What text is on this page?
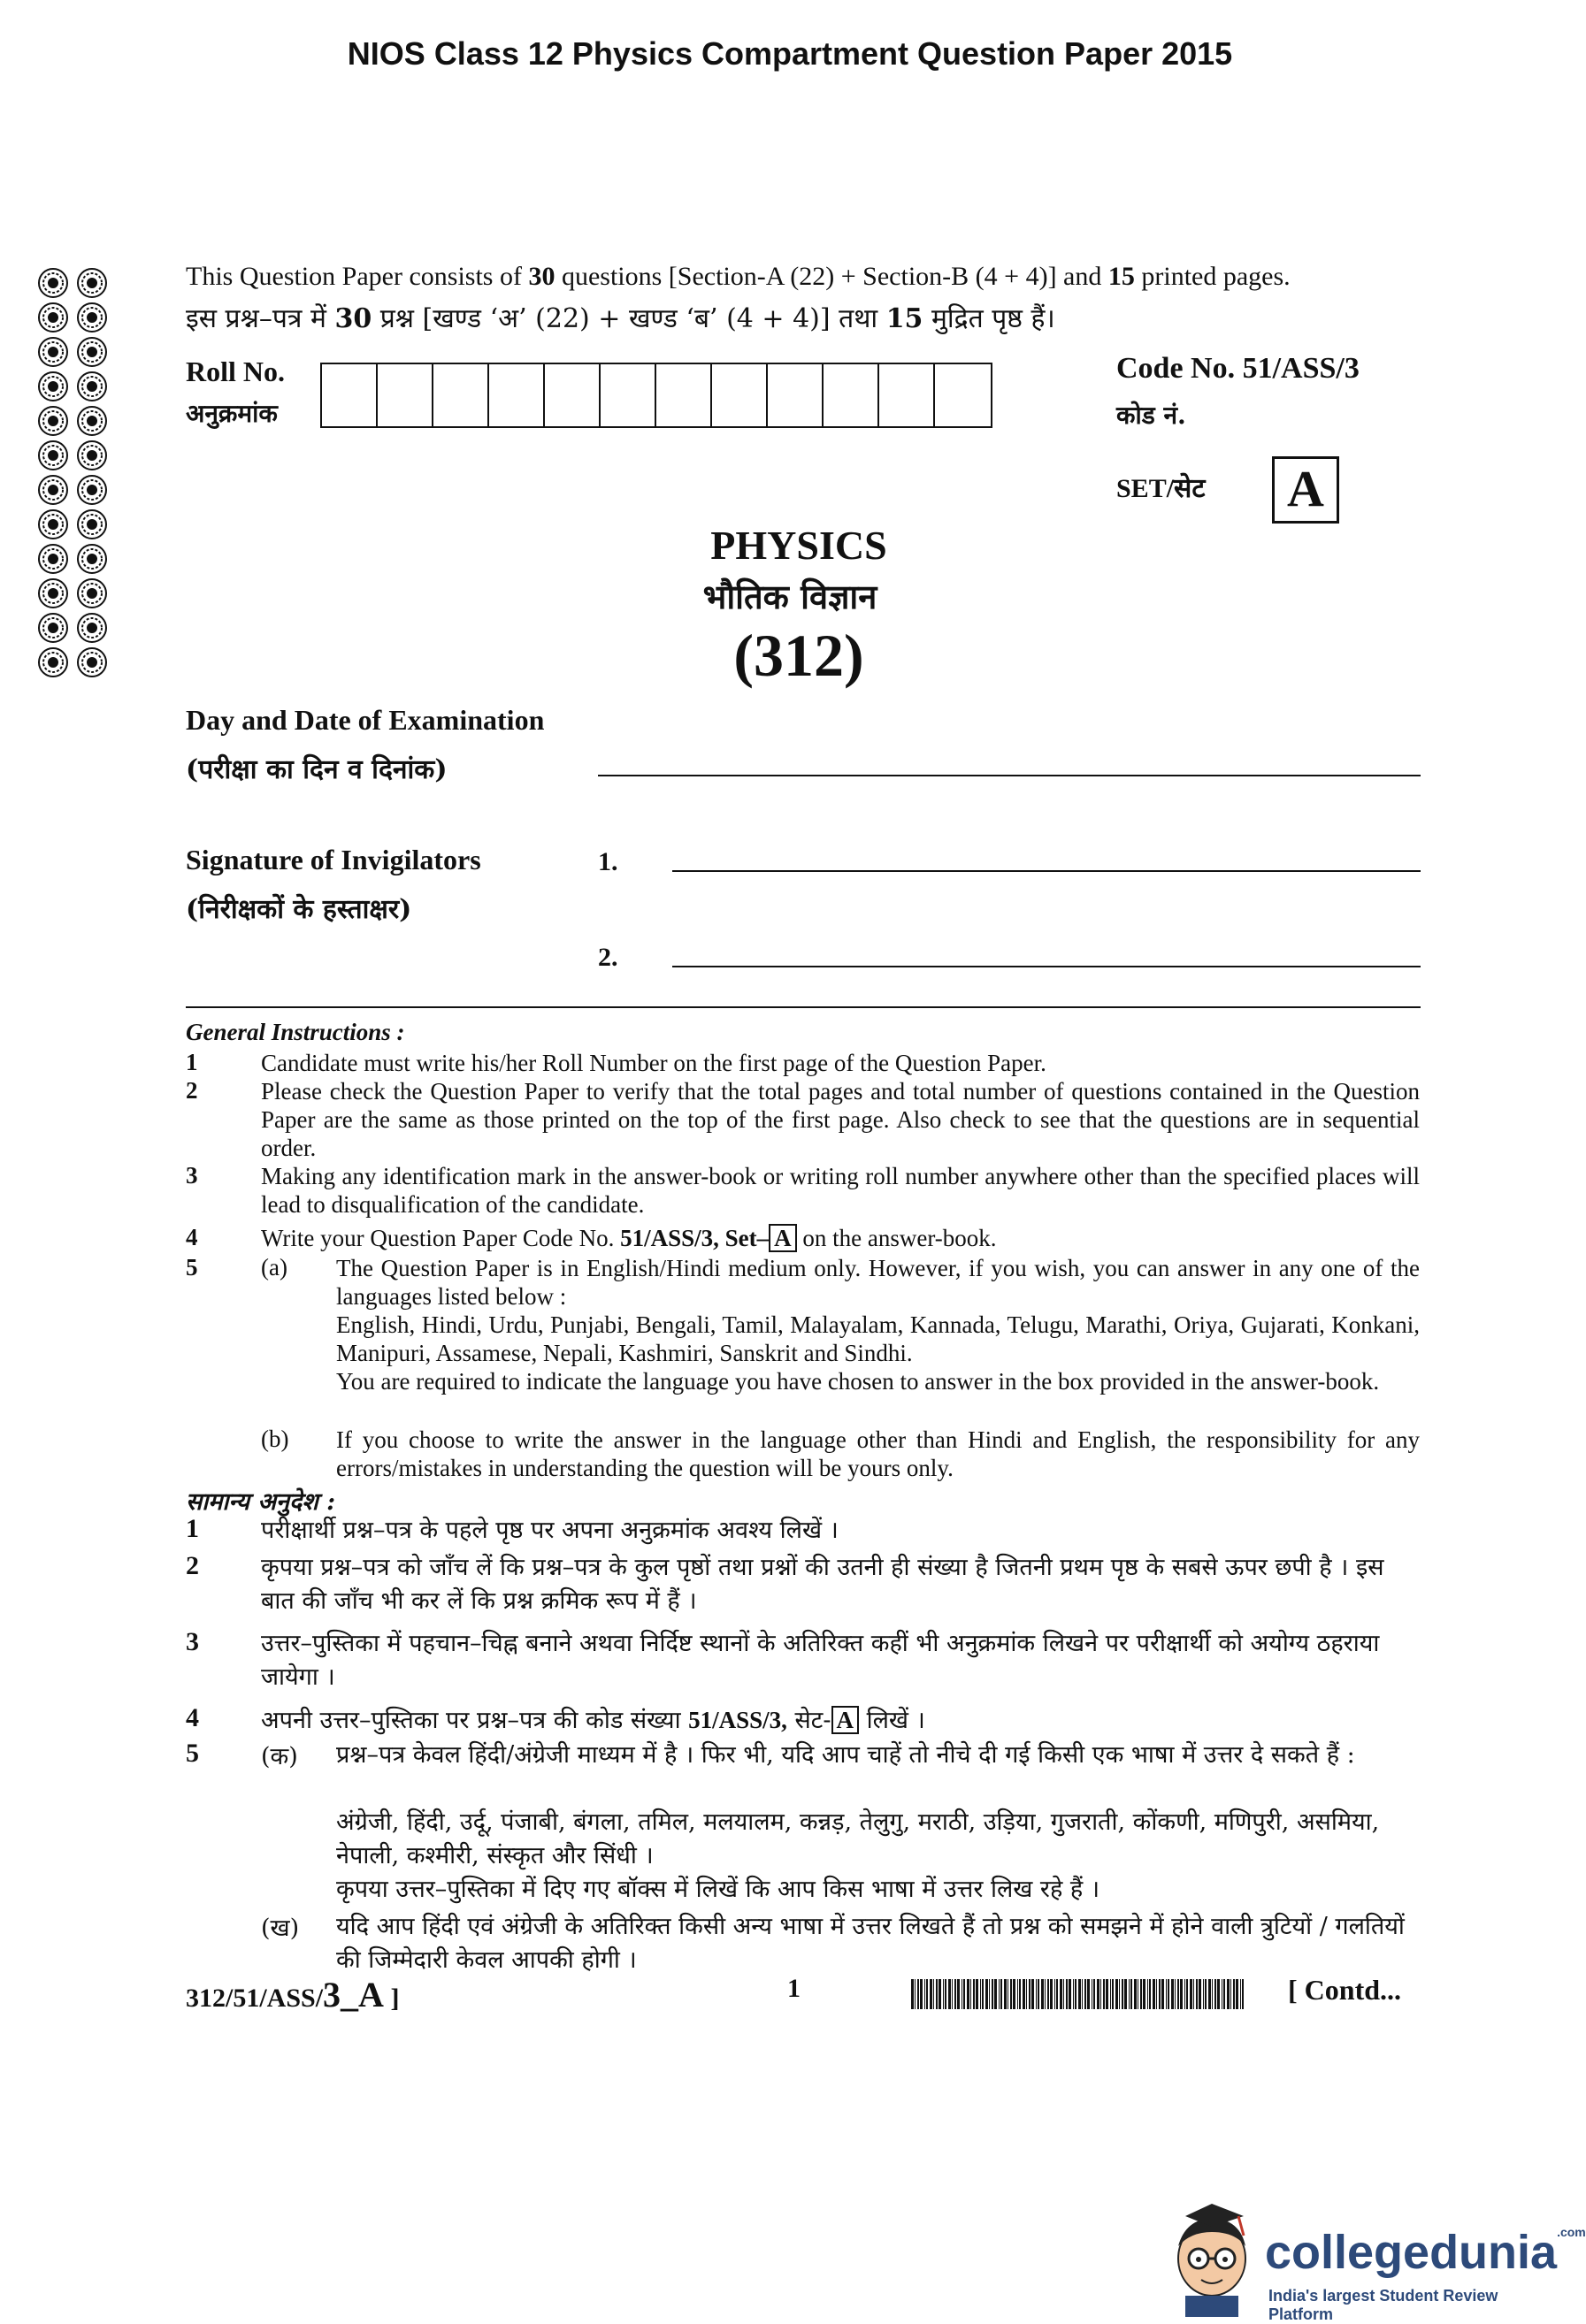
NIOS Class 12 Physics Compartment Question Paper 2015
This Question Paper consists of 30 questions [Section-A (22) + Section-B (4 + 4)] and 15 printed pages.
इस प्रश्न–पत्र में 30 प्रश्न [खण्ड ‘अ’ (22) + खण्ड ‘ब’ (4 + 4)] तथा 15 मुद्रित पृष्ठ हैं।
Roll No.
अनुक्रमांक
Code No. 51/ASS/3
कोड नं.
SET/सेट A
PHYSICS
भौतिक विज्ञान
(312)
Day and Date of Examination
(परीक्षा का दिन व दिनांक)
Signature of Invigilators
(निरीक्षकों के हस्ताक्षर)
1.
2.
General Instructions :
1	Candidate must write his/her Roll Number on the first page of the Question Paper.
2	Please check the Question Paper to verify that the total pages and total number of questions contained in the Question Paper are the same as those printed on the top of the first page. Also check to see that the questions are in sequential order.
3	Making any identification mark in the answer-book or writing roll number anywhere other than the specified places will lead to disqualification of the candidate.
4	Write your Question Paper Code No. 51/ASS/3, Set– A on the answer-book.
5	(a) The Question Paper is in English/Hindi medium only. However, if you wish, you can answer in any one of the languages listed below :
English, Hindi, Urdu, Punjabi, Bengali, Tamil, Malayalam, Kannada, Telugu, Marathi, Oriya, Gujarati, Konkani, Manipuri, Assamese, Nepali, Kashmiri, Sanskrit and Sindhi.
You are required to indicate the language you have chosen to answer in the box provided in the answer-book.
(b) If you choose to write the answer in the language other than Hindi and English, the responsibility for any errors/mistakes in understanding the question will be yours only.
सामान्य अनुदेश :
1	परीक्षार्थी प्रश्न–पत्र के पहले पृष्ठ पर अपना अनुक्रमांक अवश्य लिखें ।
2	कृपया प्रश्न–पत्र को जाँच लें कि प्रश्न–पत्र के कुल पृष्ठों तथा प्रश्नों की उतनी ही संख्या है जितनी प्रथम पृष्ठ के सबसे ऊपर छपी है । इस बात की जाँच भी कर लें कि प्रश्न क्रमिक रूप में हैं ।
3	उत्तर–पुस्तिका में पहचान–चिह्न बनाने अथवा निर्दिष्ट स्थानों के अतिरिक्त कहीं भी अनुक्रमांक लिखने पर परीक्षार्थी को अयोग्य ठहराया जायेगा ।
4	अपनी उत्तर–पुस्तिका पर प्रश्न–पत्र की कोड संख्या 51/ASS/3, सेट- A लिखें ।
5	(क) प्रश्न–पत्र केवल हिंदी/अंग्रेजी माध्यम में है । फिर भी, यदि आप चाहें तो नीचे दी गई किसी एक भाषा में उत्तर दे सकते हैं :
अंग्रेजी, हिंदी, उर्दू, पंजाबी, बंगला, तमिल, मलयालम, कन्नड़, तेलुगु, मराठी, उड़िया, गुजराती, कोंकणी, मणिपुरी, असमिया, नेपाली, कश्मीरी, संस्कृत और सिंधी ।
कृपया उत्तर–पुस्तिका में दिए गए बॉक्स में लिखें कि आप किस भाषा में उत्तर लिख रहे हैं ।
(ख) यदि आप हिंदी एवं अंग्रेजी के अतिरिक्त किसी अन्य भाषा में उत्तर लिखते हैं तो प्रश्न को समझने में होने वाली त्रुटियों / गलतियों की जिम्मेदारी केवल आपकी होगी ।
312/51/ASS/3_A ]	1	[ Contd...
collegedunia$^{.com}$
India's largest Student Review Platform
